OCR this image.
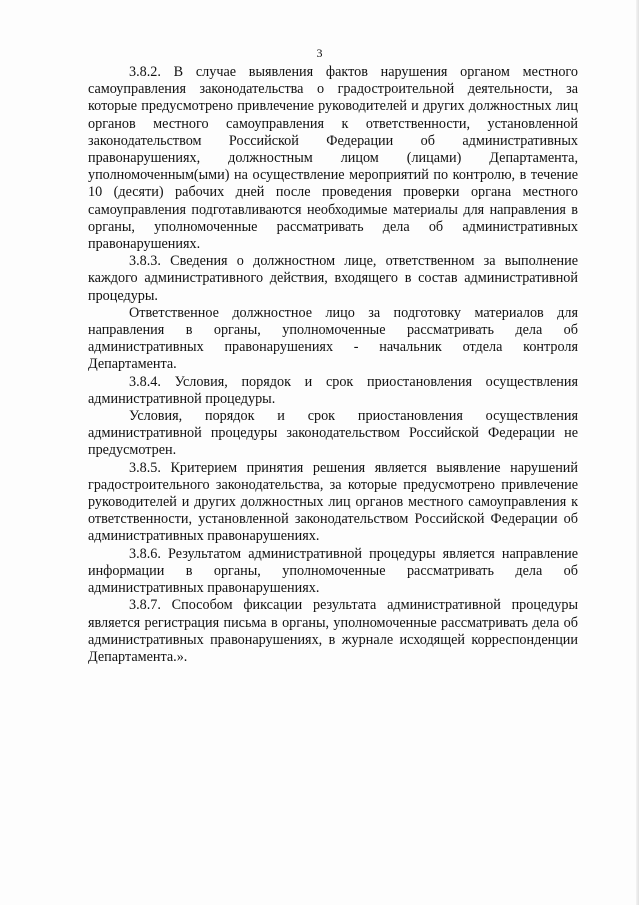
3

3.8.2. В случае выявления фактов нарушения органом местного самоуправления законодательства о градостроительной деятельности, за которые предусмотрено привлечение руководителей и других должностных лиц органов местного самоуправления к ответственности, установленной законодательством Российской Федерации об административных правонарушениях, должностным лицом (лицами) Департамента, уполномоченным(ыми) на осуществление мероприятий по контролю, в течение 10 (десяти) рабочих дней после проведения проверки органа местного самоуправления подготавливаются необходимые материалы для направления в органы, уполномоченные рассматривать дела об административных правонарушениях.

3.8.3. Сведения о должностном лице, ответственном за выполнение каждого административного действия, входящего в состав административной процедуры.

Ответственное должностное лицо за подготовку материалов для направления в органы, уполномоченные рассматривать дела об административных правонарушениях - начальник отдела контроля Департамента.

3.8.4. Условия, порядок и срок приостановления осуществления административной процедуры.

Условия, порядок и срок приостановления осуществления административной процедуры законодательством Российской Федерации не предусмотрен.

3.8.5. Критерием принятия решения является выявление нарушений градостроительного законодательства, за которые предусмотрено привлечение руководителей и других должностных лиц органов местного самоуправления к ответственности, установленной законодательством Российской Федерации об административных правонарушениях.

3.8.6. Результатом административной процедуры является направление информации в органы, уполномоченные рассматривать дела об административных правонарушениях.

3.8.7. Способом фиксации результата административной процедуры является регистрация письма в органы, уполномоченные рассматривать дела об административных правонарушениях, в журнале исходящей корреспонденции Департамента.».
